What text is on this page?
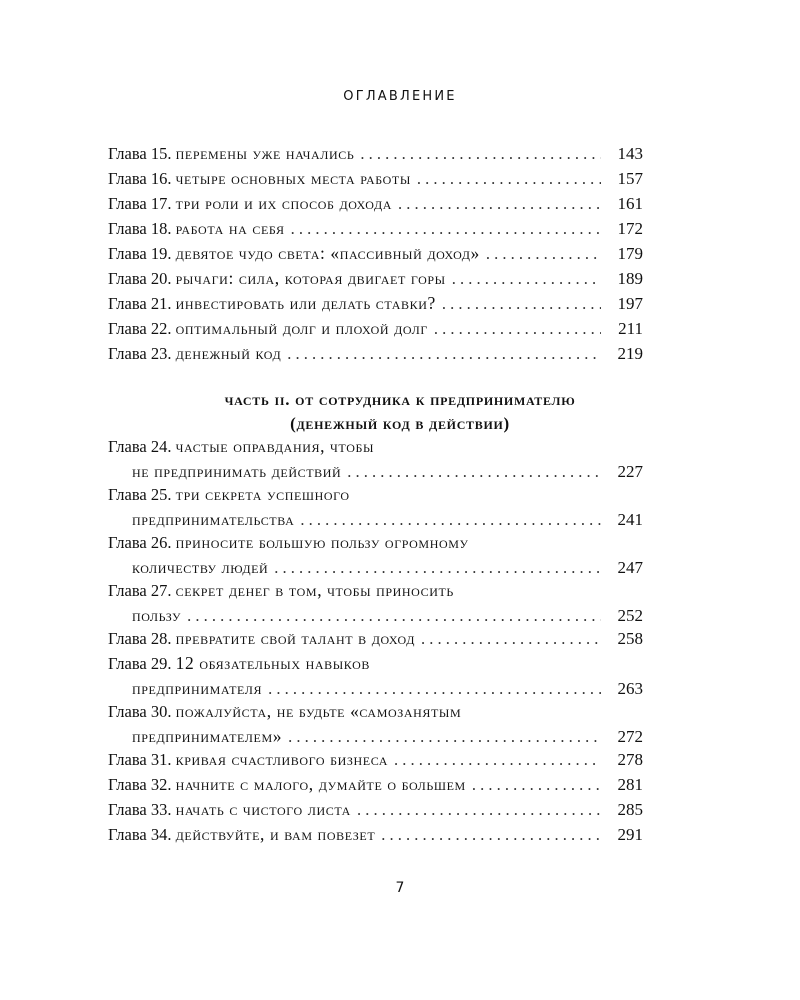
ОГЛАВЛЕНИЕ
Глава 15.
перемены уже начались . . .	143
Глава 16.
четыре основных места работы . . .	157
Глава 17.
три роли и их способ дохода . . .	161
Глава 18.
работа на себя . . .	172
Глава 19.
девятое чудо света: «пассивный доход» . . .	179
Глава 20.
рычаги: сила, которая двигает горы . . .	189
Глава 21.
инвестировать или делать ставки? . . .	197
Глава 22.
оптимальный долг и плохой долг . . .	211
Глава 23.
денежный код . . .	219
часть ii. от сотрудника к предпринимателю
(денежный код в действии)
Глава 24.
частые оправдания, чтобы
не предпринимать действий . . .	227
Глава 25.
три секрета успешного
предпринимательства . . .	241
Глава 26.
приносите большую пользу огромному
количеству людей . . .	247
Глава 27.
секрет денег в том, чтобы приносить
пользу . . .	252
Глава 28.
превратите свой талант в доход . . .	258
Глава 29.
12 обязательных навыков
предпринимателя . . .	263
Глава 30.
пожалуйста, не будьте «самозанятым
предпринимателем» . . .	272
Глава 31.
кривая счастливого бизнеса . . .	278
Глава 32.
начните с малого, думайте о большем . . .	281
Глава 33.
начать с чистого листа . . .	285
Глава 34.
действуйте, и вам повезет . . .	291
7
